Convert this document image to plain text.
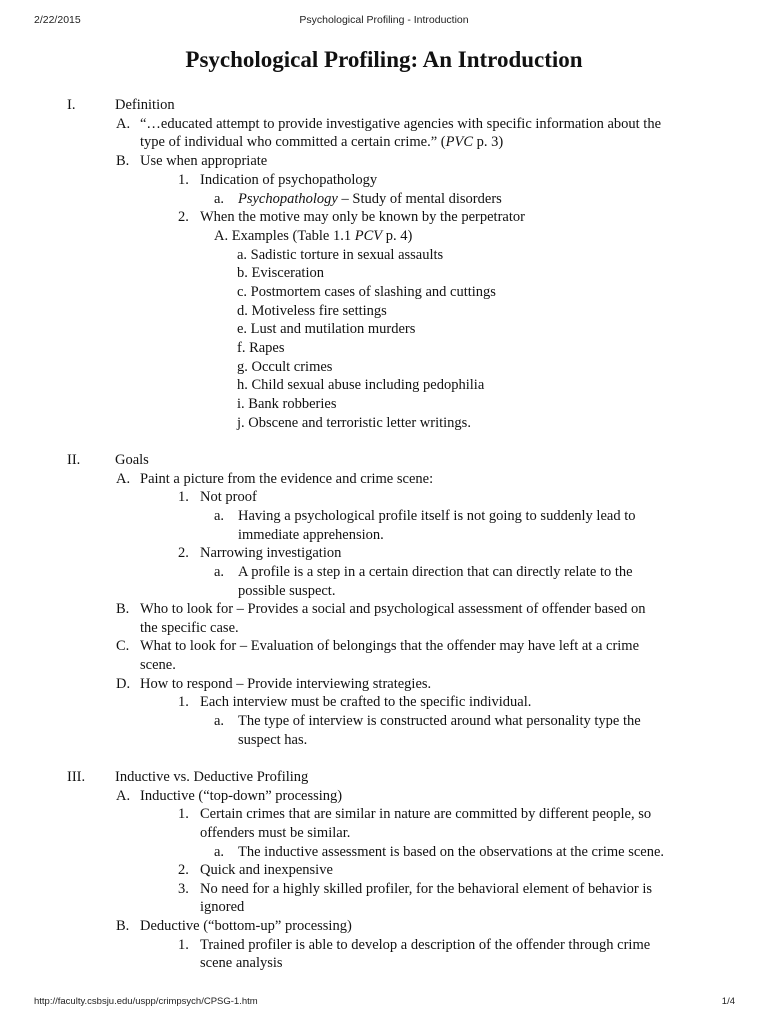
2/22/2015	Psychological Profiling - Introduction
Psychological Profiling: An Introduction
I.	Definition
A. “…educated attempt to provide investigative agencies with specific information about the
type of individual who committed a certain crime.” (PVC p. 3)
B. Use when appropriate
1. Indication of psychopathology
a. Psychopathology – Study of mental disorders
2. When the motive may only be known by the perpetrator
A. Examples (Table 1.1 PCV p. 4)
a. Sadistic torture in sexual assaults
b. Evisceration
c. Postmortem cases of slashing and cuttings
d. Motiveless fire settings
e. Lust and mutilation murders
f. Rapes
g. Occult crimes
h. Child sexual abuse including pedophilia
i. Bank robberies
j. Obscene and terroristic letter writings.
II. Goals
A. Paint a picture from the evidence and crime scene:
1. Not proof
a. Having a psychological profile itself is not going to suddenly lead to
immediate apprehension.
2. Narrowing investigation
a. A profile is a step in a certain direction that can directly relate to the
possible suspect.
B. Who to look for – Provides a social and psychological assessment of offender based on
the specific case.
C. What to look for – Evaluation of belongings that the offender may have left at a crime
scene.
D. How to respond – Provide interviewing strategies.
1. Each interview must be crafted to the specific individual.
a. The type of interview is constructed around what personality type the
suspect has.
III. Inductive vs. Deductive Profiling
A. Inductive (“top-down” processing)
1. Certain crimes that are similar in nature are committed by different people, so
offenders must be similar.
a. The inductive assessment is based on the observations at the crime scene.
2. Quick and inexpensive
3. No need for a highly skilled profiler, for the behavioral element of behavior is
ignored
B. Deductive (“bottom-up” processing)
1. Trained profiler is able to develop a description of the offender through crime
scene analysis
http://faculty.csbsju.edu/uspp/crimpsych/CPSG-1.htm	1/4
